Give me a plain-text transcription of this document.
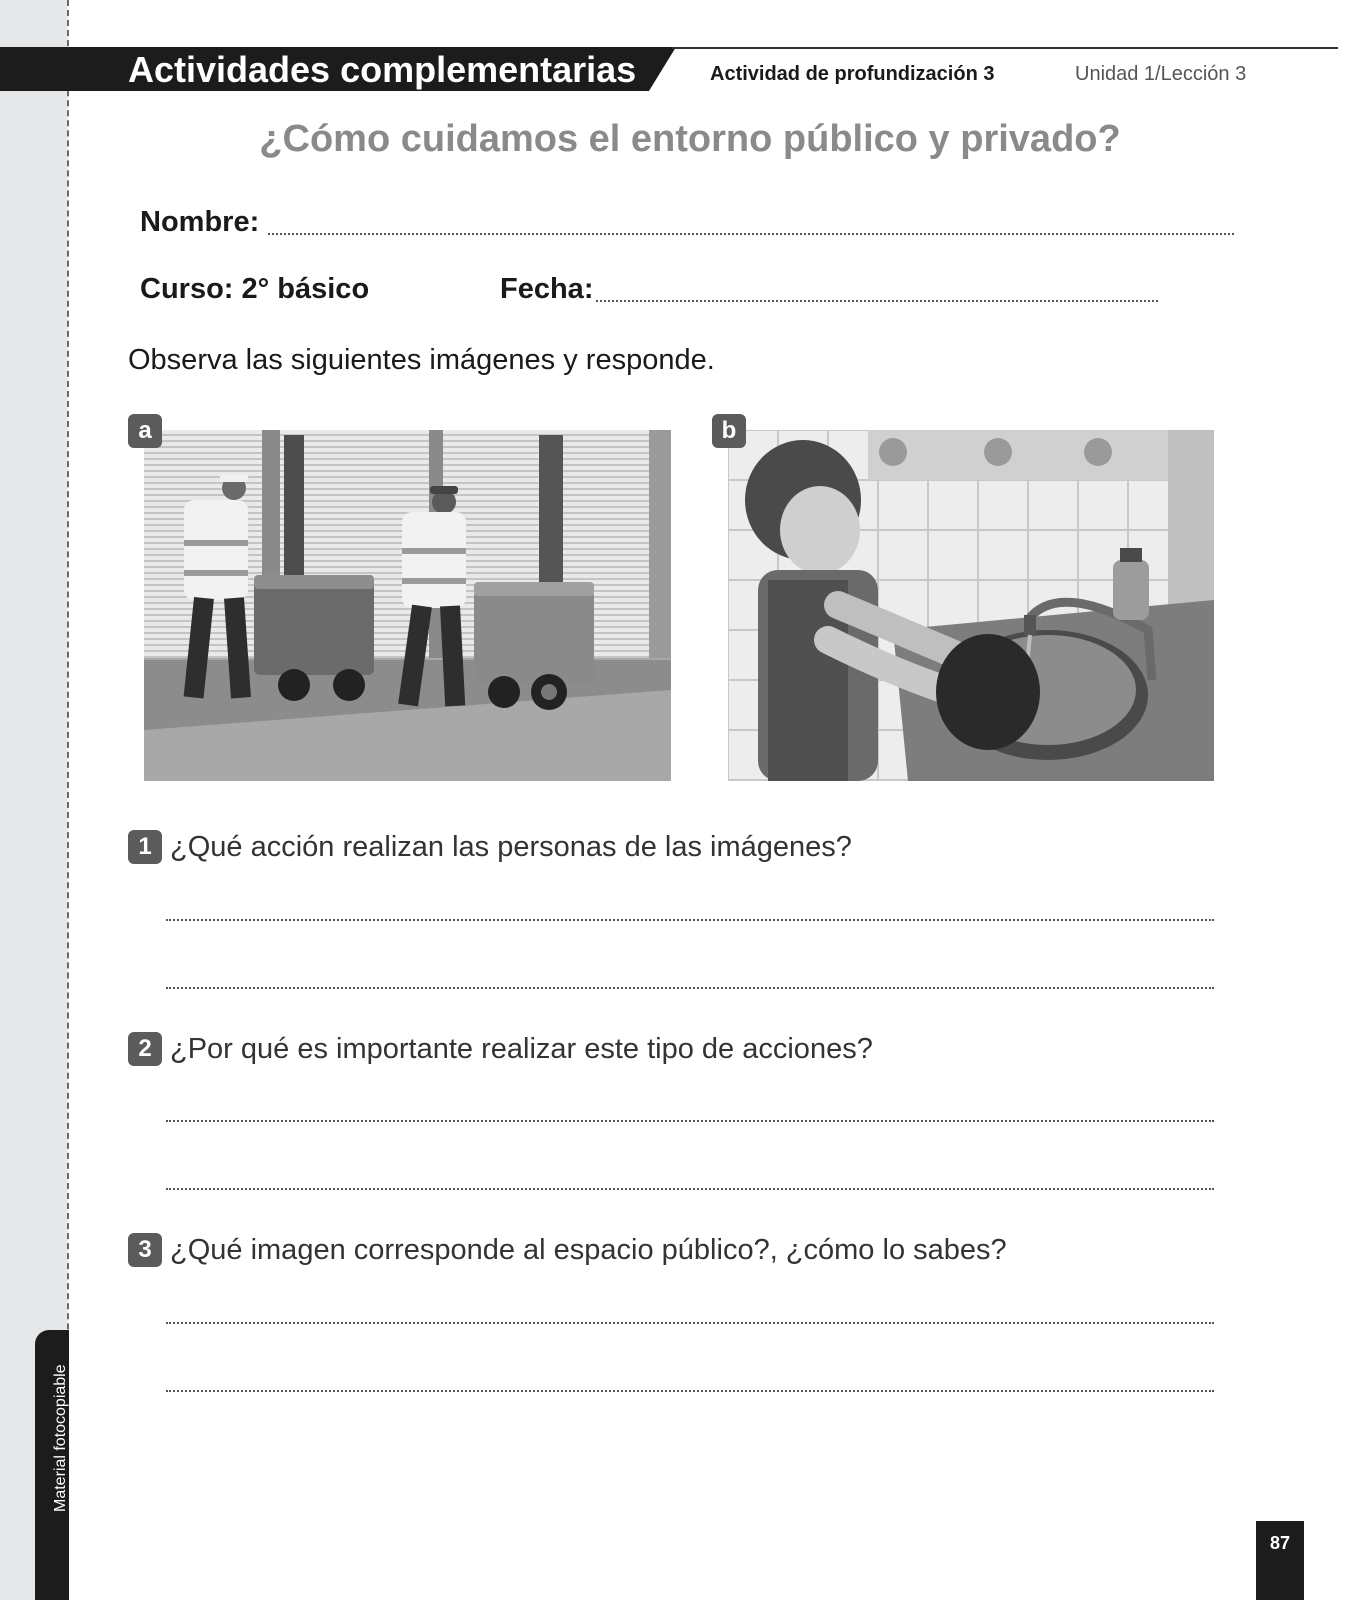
Material fotocopiable
Actividades complementarias	Actividad de profundización 3	Unidad 1/Lección 3
¿Cómo cuidamos el entorno público y privado?
Nombre:
Curso: 2° básico	Fecha:
Observa las siguientes imágenes y responde.
a	b
1 ¿Qué acción realizan las personas de las imágenes?
2 ¿Por qué es importante realizar este tipo de acciones?
3 ¿Qué imagen corresponde al espacio público?, ¿cómo lo sabes?
87
